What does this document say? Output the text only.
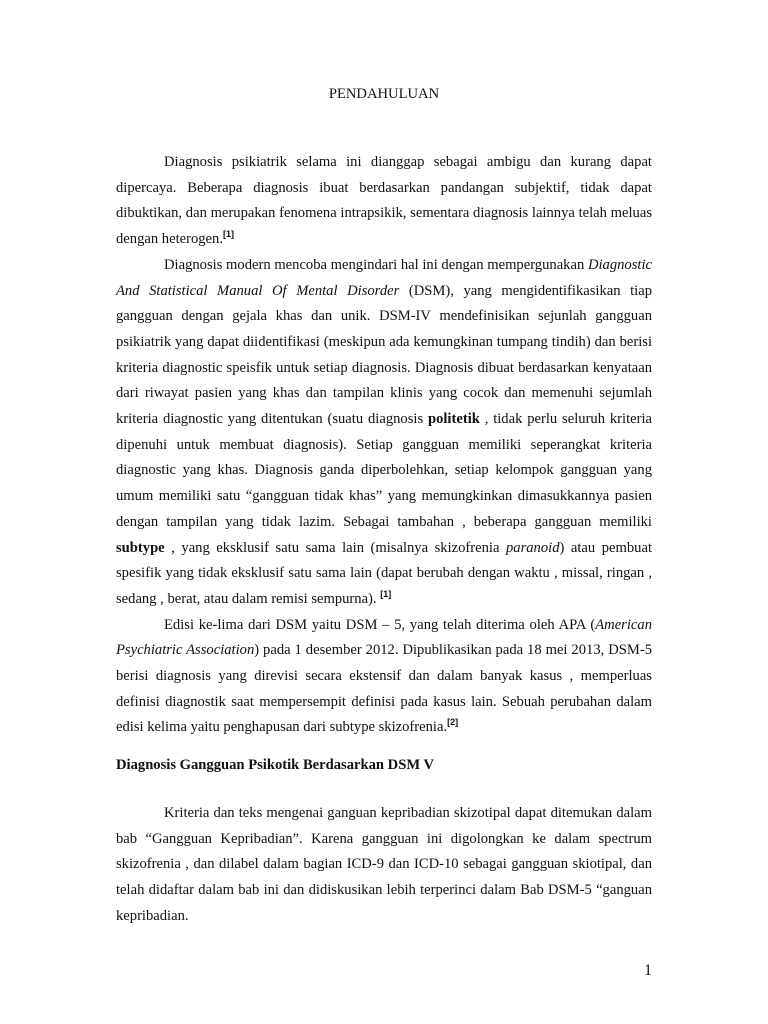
PENDAHULUAN

Diagnosis psikiatrik selama ini dianggap sebagai ambigu dan kurang dapat dipercaya. Beberapa diagnosis ibuat berdasarkan pandangan subjektif, tidak dapat dibuktikan, dan merupakan fenomena intrapsikik, sementara diagnosis lainnya telah meluas dengan heterogen.[1]

Diagnosis modern mencoba mengindari hal ini dengan mempergunakan Diagnostic And Statistical Manual Of Mental Disorder (DSM), yang mengidentifikasikan tiap gangguan dengan gejala khas dan unik. DSM-IV mendefinisikan sejunlah gangguan psikiatrik yang dapat diidentifikasi (meskipun ada kemungkinan tumpang tindih) dan berisi kriteria diagnostic speisfik untuk setiap diagnosis. Diagnosis dibuat berdasarkan kenyataan dari riwayat pasien yang khas dan tampilan klinis yang cocok dan memenuhi sejumlah kriteria diagnostic yang ditentukan (suatu diagnosis politetik , tidak perlu seluruh kriteria dipenuhi untuk membuat diagnosis). Setiap gangguan memiliki seperangkat kriteria diagnostic yang khas. Diagnosis ganda diperbolehkan, setiap kelompok gangguan yang umum memiliki satu “gangguan tidak khas” yang memungkinkan dimasukkannya pasien dengan tampilan yang tidak lazim. Sebagai tambahan , beberapa gangguan memiliki subtype , yang eksklusif satu sama lain (misalnya skizofrenia paranoid) atau pembuat spesifik yang tidak eksklusif satu sama lain (dapat berubah dengan waktu , missal, ringan , sedang , berat, atau dalam remisi sempurna). [1]

Edisi ke-lima dari DSM yaitu DSM – 5, yang telah diterima oleh APA (American Psychiatric Association) pada 1 desember 2012. Dipublikasikan pada 18 mei 2013, DSM-5 berisi diagnosis yang direvisi secara ekstensif dan dalam banyak kasus , memperluas definisi diagnostik saat mempersempit definisi pada kasus lain. Sebuah perubahan dalam edisi kelima yaitu penghapusan dari subtype skizofrenia.[2]

Diagnosis Gangguan Psikotik Berdasarkan DSM V

Kriteria dan teks mengenai ganguan kepribadian skizotipal dapat ditemukan dalam bab “Gangguan Kepribadian”. Karena gangguan ini digolongkan ke dalam spectrum skizofrenia , dan dilabel dalam bagian ICD-9 dan ICD-10 sebagai gangguan skiotipal, dan telah didaftar dalam bab ini dan didiskusikan lebih terperinci dalam Bab DSM-5 “ganguan kepribadian.

1
